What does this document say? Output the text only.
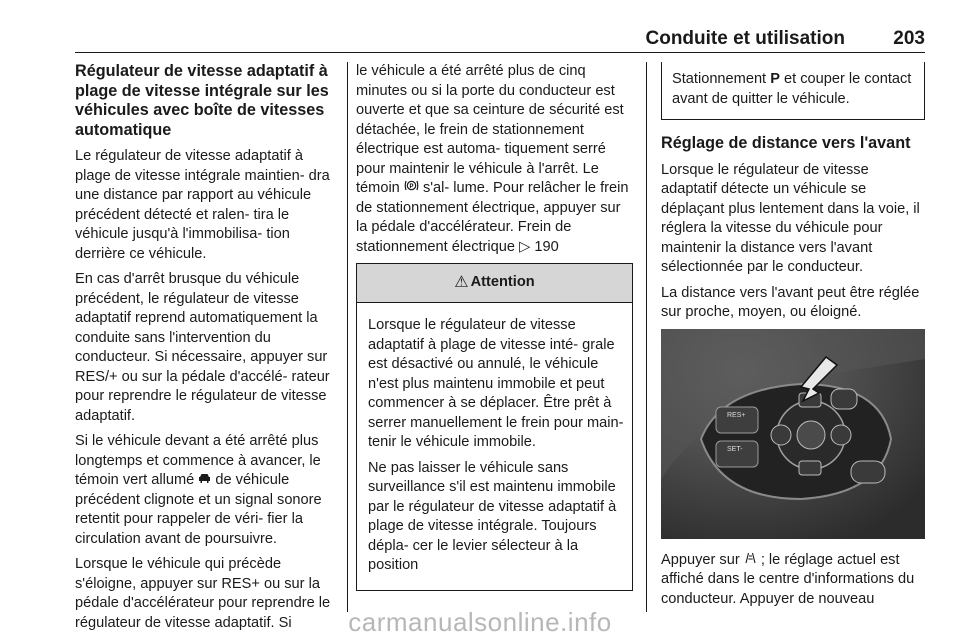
Conduite et utilisation	203
Régulateur de vitesse adaptatif à plage de vitesse intégrale sur les véhicules avec boîte de vitesses automatique

Le régulateur de vitesse adaptatif à plage de vitesse intégrale maintien- dra une distance par rapport au véhicule précédent détecté et ralen- tira le véhicule jusqu'à l'immobilisa- tion derrière ce véhicule.

En cas d'arrêt brusque du véhicule précédent, le régulateur de vitesse adaptatif reprend automatiquement la conduite sans l'intervention du conducteur. Si nécessaire, appuyer sur RES/+ ou sur la pédale d'accélé- rateur pour reprendre le régulateur de vitesse adaptatif.

Si le véhicule devant a été arrêté plus longtemps et commence à avancer, le témoin vert allumé de véhicule précédent clignote et un signal sonore retentit pour rappeler de véri- fier la circulation avant de poursuivre.

Lorsque le véhicule qui précède s'éloigne, appuyer sur RES+ ou sur la pédale d'accélérateur pour reprendre le régulateur de vitesse adaptatif. Si

le véhicule a été arrêté plus de cinq minutes ou si la porte du conducteur est ouverte et que sa ceinture de sécurité est détachée, le frein de stationnement électrique est automa- tiquement serré pour maintenir le véhicule à l'arrêt. Le témoin P s'al- lume. Pour relâcher le frein de stationnement électrique, appuyer sur la pédale d'accélérateur. Frein de stationnement électrique ▷ 190

⚠ Attention

Lorsque le régulateur de vitesse adaptatif à plage de vitesse inté- grale est désactivé ou annulé, le véhicule n'est plus maintenu immobile et peut commencer à se déplacer. Être prêt à serrer manuellement le frein pour main- tenir le véhicule immobile.

Ne pas laisser le véhicule sans surveillance s'il est maintenu immobile par le régulateur de vitesse adaptatif à plage de vitesse intégrale. Toujours dépla- cer le levier sélecteur à la position

Stationnement P et couper le contact avant de quitter le véhicule.
Réglage de distance vers l'avant

Lorsque le régulateur de vitesse adaptatif détecte un véhicule se déplaçant plus lentement dans la voie, il réglera la vitesse du véhicule pour maintenir la distance vers l'avant sélectionnée par le conducteur.

La distance vers l'avant peut être réglée sur proche, moyen, ou éloigné.

RES+
SET-

Appuyer sur ; le réglage actuel est affiché dans le centre d'informations du conducteur. Appuyer de nouveau

carmanualsonline.info
